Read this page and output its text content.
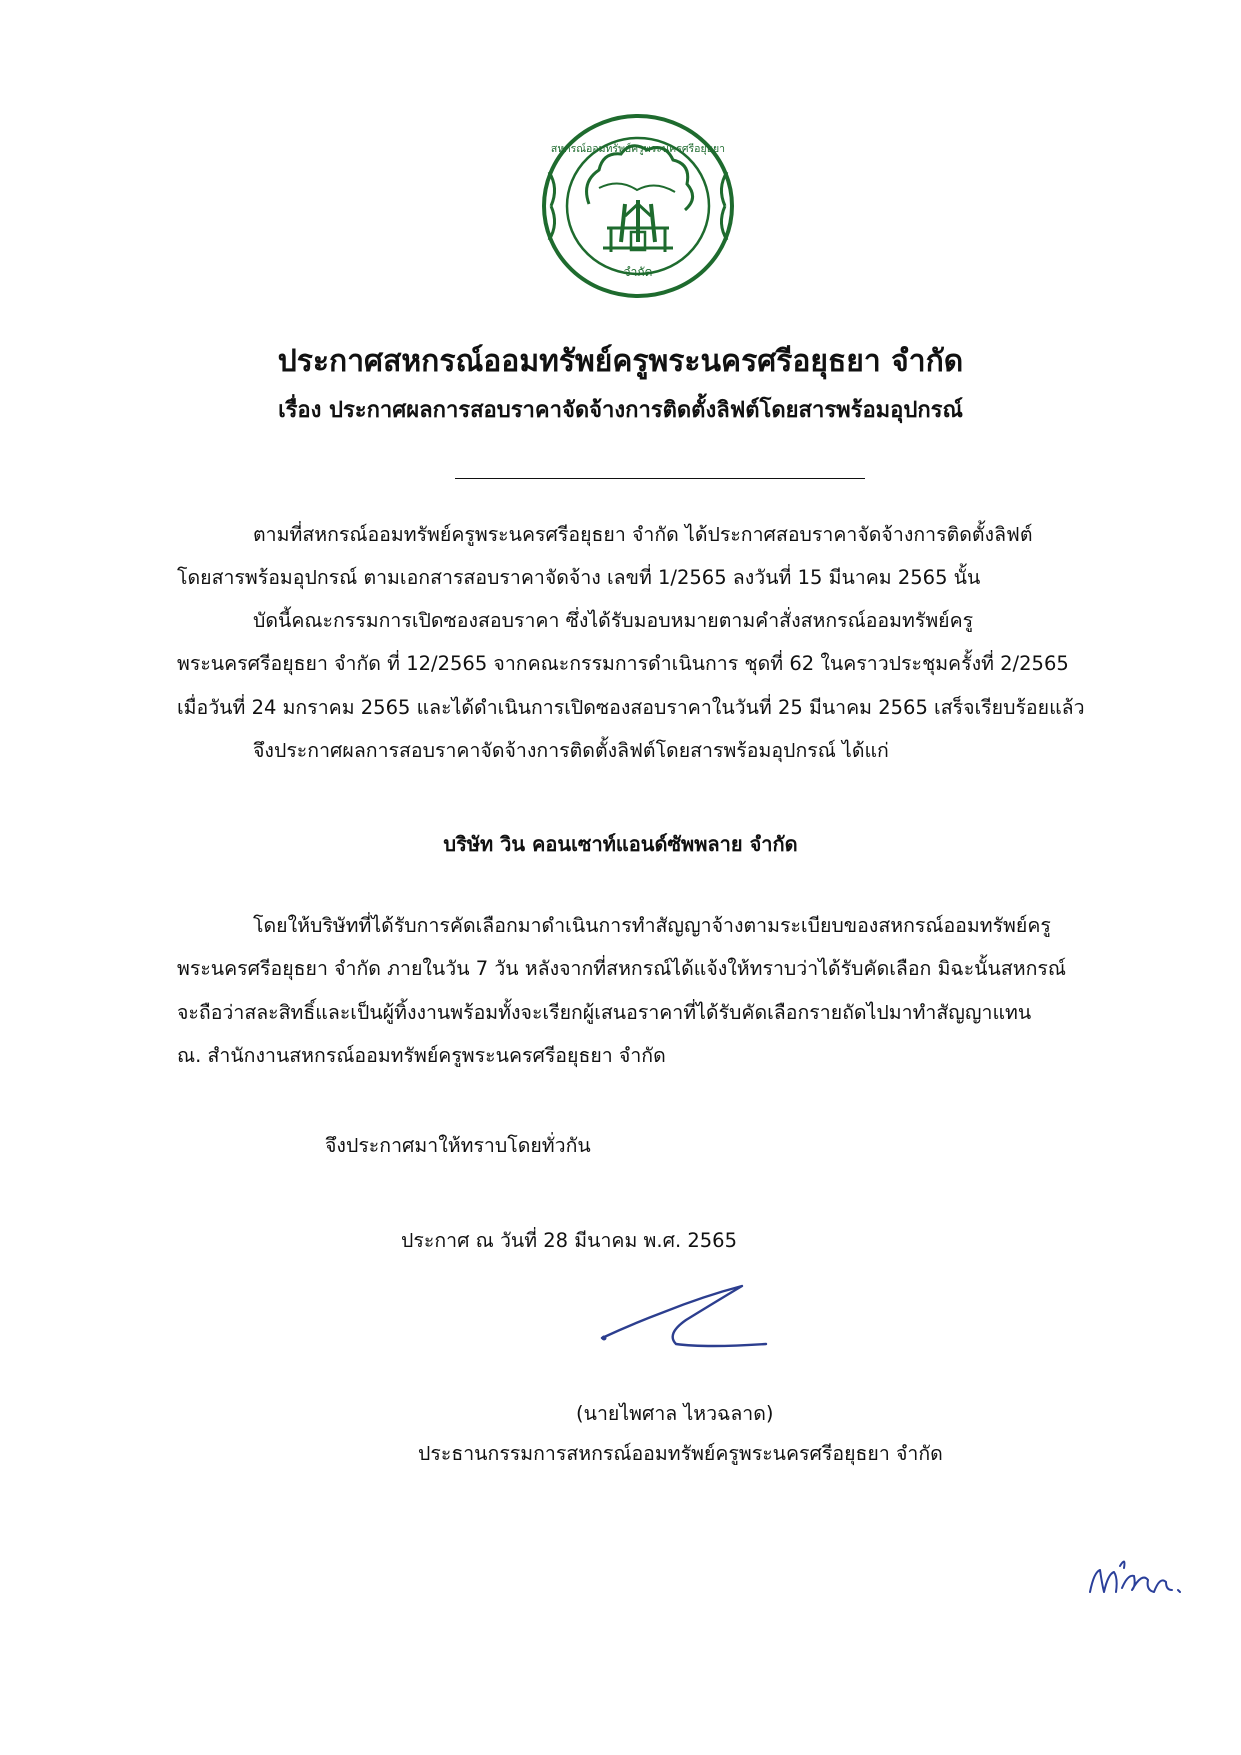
สหกรณ์ออมทรัพย์ครูพระนครศรีอยุธยา
จำกัด
ประกาศสหกรณ์ออมทรัพย์ครูพระนครศรีอยุธยา จำกัด
เรื่อง ประกาศผลการสอบราคาจัดจ้างการติดตั้งลิฟต์โดยสารพร้อมอุปกรณ์
ตามที่สหกรณ์ออมทรัพย์ครูพระนครศรีอยุธยา จำกัด ได้ประกาศสอบราคาจัดจ้างการติดตั้งลิฟต์
โดยสารพร้อมอุปกรณ์ ตามเอกสารสอบราคาจัดจ้าง เลขที่ 1/2565 ลงวันที่ 15 มีนาคม 2565 นั้น
บัดนี้คณะกรรมการเปิดซองสอบราคา ซึ่งได้รับมอบหมายตามคำสั่งสหกรณ์ออมทรัพย์ครู
พระนครศรีอยุธยา จำกัด ที่ 12/2565 จากคณะกรรมการดำเนินการ ชุดที่ 62 ในคราวประชุมครั้งที่ 2/2565
เมื่อวันที่ 24 มกราคม 2565 และได้ดำเนินการเปิดซองสอบราคาในวันที่ 25 มีนาคม 2565 เสร็จเรียบร้อยแล้ว
จึงประกาศผลการสอบราคาจัดจ้างการติดตั้งลิฟต์โดยสารพร้อมอุปกรณ์ ได้แก่
บริษัท วิน คอนเซาท์แอนด์ซัพพลาย จำกัด
โดยให้บริษัทที่ได้รับการคัดเลือกมาดำเนินการทำสัญญาจ้างตามระเบียบของสหกรณ์ออมทรัพย์ครู
พระนครศรีอยุธยา จำกัด ภายในวัน 7 วัน หลังจากที่สหกรณ์ได้แจ้งให้ทราบว่าได้รับคัดเลือก มิฉะนั้นสหกรณ์
จะถือว่าสละสิทธิ์และเป็นผู้ทิ้งงานพร้อมทั้งจะเรียกผู้เสนอราคาที่ได้รับคัดเลือกรายถัดไปมาทำสัญญาแทน
ณ. สำนักงานสหกรณ์ออมทรัพย์ครูพระนครศรีอยุธยา จำกัด
จึงประกาศมาให้ทราบโดยทั่วกัน
ประกาศ ณ วันที่ 28 มีนาคม พ.ศ. 2565
(นายไพศาล ไหวฉลาด)
ประธานกรรมการสหกรณ์ออมทรัพย์ครูพระนครศรีอยุธยา จำกัด
